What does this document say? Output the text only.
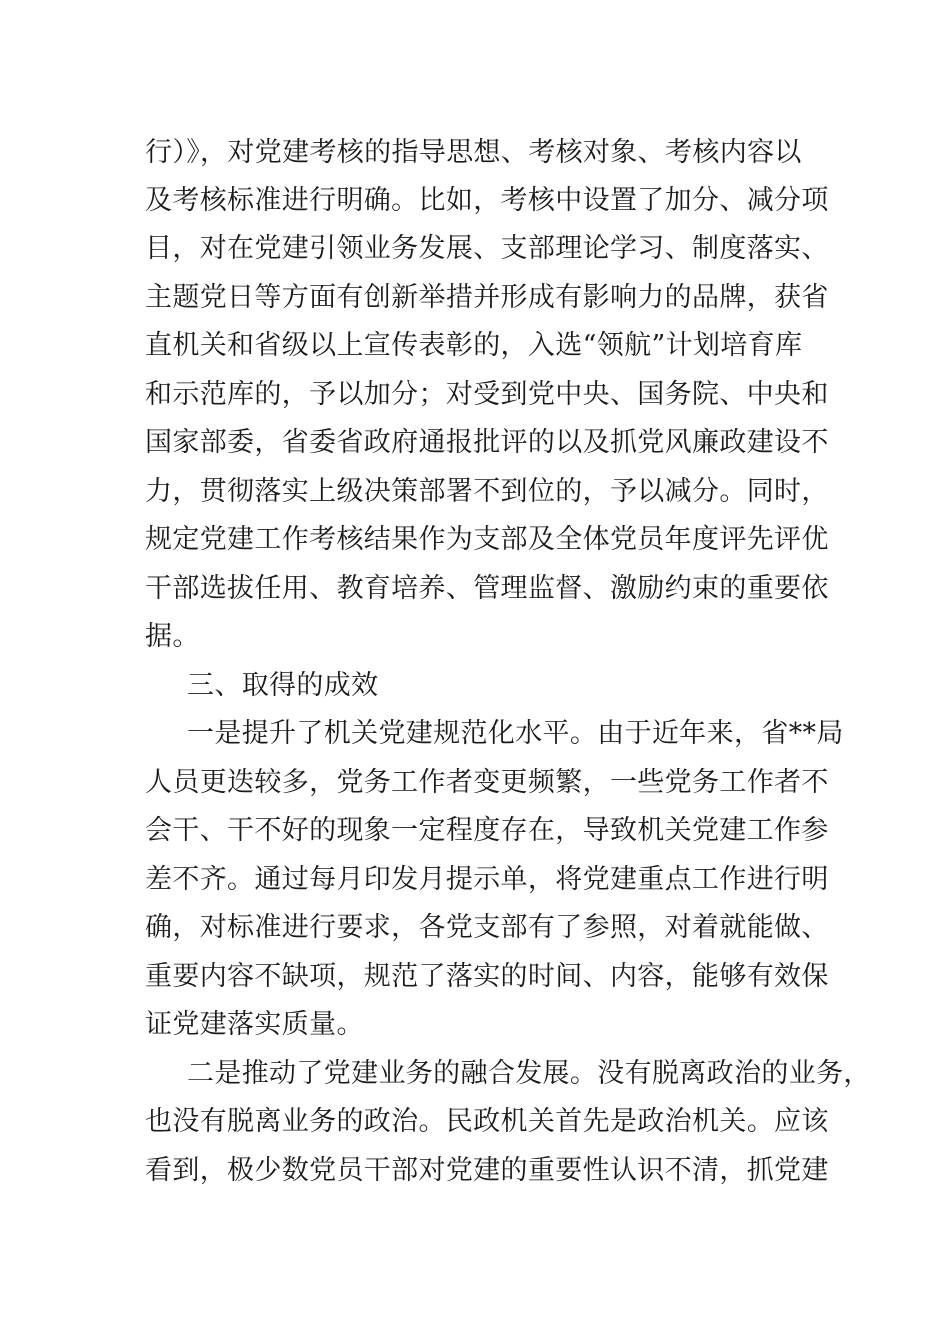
行）》，对党建考核的指导思想、考核对象、考核内容以
及考核标准进行明确。比如，考核中设置了加分、减分项
目，对在党建引领业务发展、支部理论学习、制度落实、
主题党日等方面有创新举措并形成有影响力的品牌，获省
直机关和省级以上宣传表彰的，入选“领航”计划培育库
和示范库的，予以加分；对受到党中央、国务院、中央和
国家部委，省委省政府通报批评的以及抓党风廉政建设不
力，贯彻落实上级决策部署不到位的，予以减分。同时，
规定党建工作考核结果作为支部及全体党员年度评先评优
干部选拔任用、教育培养、管理监督、激励约束的重要依
据。
三、取得的成效
一是提升了机关党建规范化水平。由于近年来，省**局
人员更迭较多，党务工作者变更频繁，一些党务工作者不
会干、干不好的现象一定程度存在，导致机关党建工作参
差不齐。通过每月印发月提示单，将党建重点工作进行明
确，对标准进行要求，各党支部有了参照，对着就能做、
重要内容不缺项，规范了落实的时间、内容，能够有效保
证党建落实质量。
二是推动了党建业务的融合发展。没有脱离政治的业务，
也没有脱离业务的政治。民政机关首先是政治机关。应该
看到，极少数党员干部对党建的重要性认识不清，抓党建
